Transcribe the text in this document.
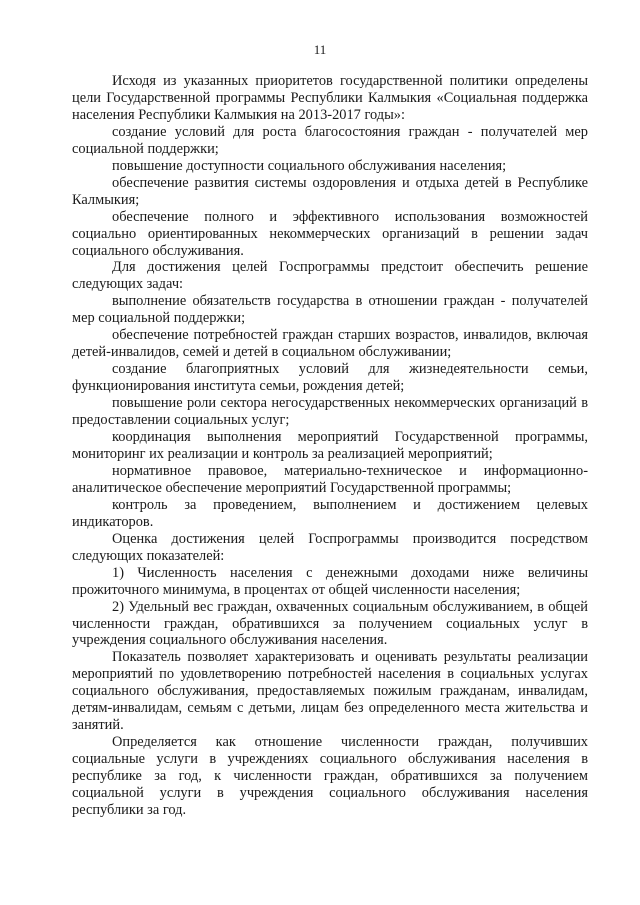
11

Исходя из указанных приоритетов государственной политики определены цели Государственной программы Республики Калмыкия «Социальная поддержка населения Республики Калмыкия на 2013-2017 годы»:

создание условий для роста благосостояния граждан - получателей мер социальной поддержки;

повышение доступности социального обслуживания населения;

обеспечение развития системы оздоровления и отдыха детей в Республике Калмыкия;

обеспечение полного и эффективного использования возможностей социально ориентированных некоммерческих организаций в решении задач социального обслуживания.

Для достижения целей Госпрограммы предстоит обеспечить решение следующих задач:

выполнение обязательств государства в отношении граждан - получателей мер социальной поддержки;

обеспечение потребностей граждан старших возрастов, инвалидов, включая детей-инвалидов, семей и детей в социальном обслуживании;

создание благоприятных условий для жизнедеятельности семьи, функционирования института семьи, рождения детей;

повышение роли сектора негосударственных некоммерческих организаций в предоставлении социальных услуг;

координация выполнения мероприятий Государственной программы, мониторинг их реализации и контроль за реализацией мероприятий;

нормативное правовое, материально-техническое и информационно-аналитическое обеспечение мероприятий Государственной программы;

контроль за проведением, выполнением и достижением целевых индикаторов.

Оценка достижения целей Госпрограммы производится посредством следующих показателей:

1) Численность населения с денежными доходами ниже величины прожиточного минимума, в процентах от общей численности населения;

2) Удельный вес граждан, охваченных социальным обслуживанием, в общей численности граждан, обратившихся за получением социальных услуг в учреждения социального обслуживания населения.

Показатель позволяет характеризовать и оценивать результаты реализации мероприятий по удовлетворению потребностей населения в социальных услугах социального обслуживания, предоставляемых пожилым гражданам, инвалидам, детям-инвалидам, семьям с детьми, лицам без определенного места жительства и занятий.

Определяется как отношение численности граждан, получивших социальные услуги в учреждениях социального обслуживания населения в республике за год, к численности граждан, обратившихся за получением социальной услуги в учреждения социального обслуживания населения республики за год.
